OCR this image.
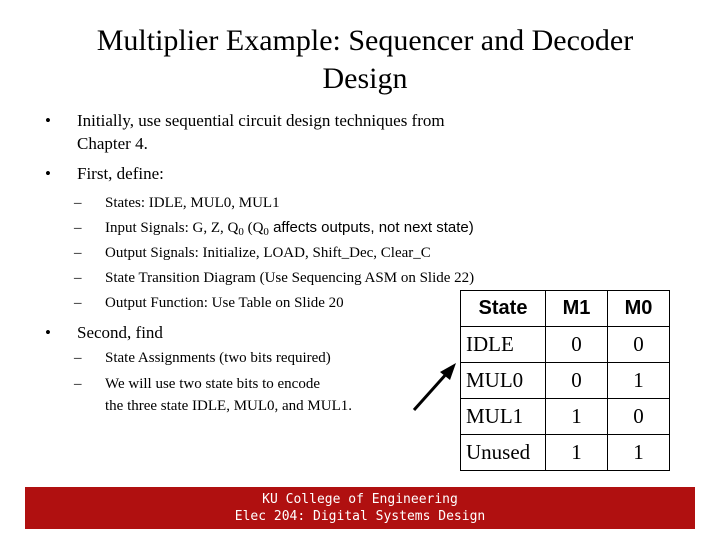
Multiplier Example: Sequencer and Decoder
Design
• Initially, use sequential circuit design techniques from
Chapter 4.
• First, define:
– States: IDLE, MUL0, MUL1
– Input Signals: G, Z, $Q_0$ ($Q_0$ affects outputs, not next state)
– Output Signals: Initialize, LOAD, Shift_Dec, Clear_C
– State Transition Diagram (Use Sequencing ASM on Slide 22)
– Output Function: Use Table on Slide 20
• Second, find
– State Assignments (two bits required)
– We will use two state bits to encode
the three state IDLE, MUL0, and MUL1.
State	M1	M0
IDLE	0	0
MUL0	0	1
MUL1	1	0
Unused	1	1
KU College of Engineering
Elec 204: Digital Systems Design
